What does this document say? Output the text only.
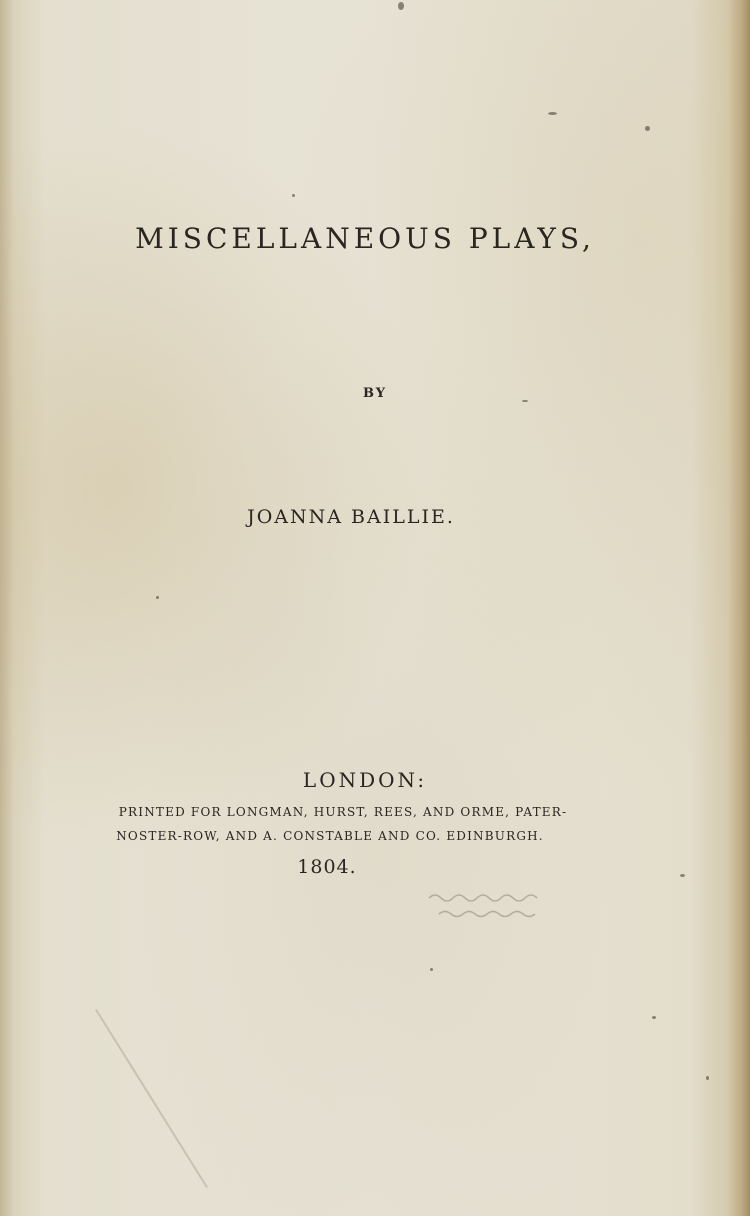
MISCELLANEOUS PLAYS,
BY
JOANNA BAILLIE.
LONDON:
PRINTED FOR LONGMAN, HURST, REES, AND ORME, PATER-
NOSTER-ROW, AND A. CONSTABLE AND CO. EDINBURGH.
1804.
